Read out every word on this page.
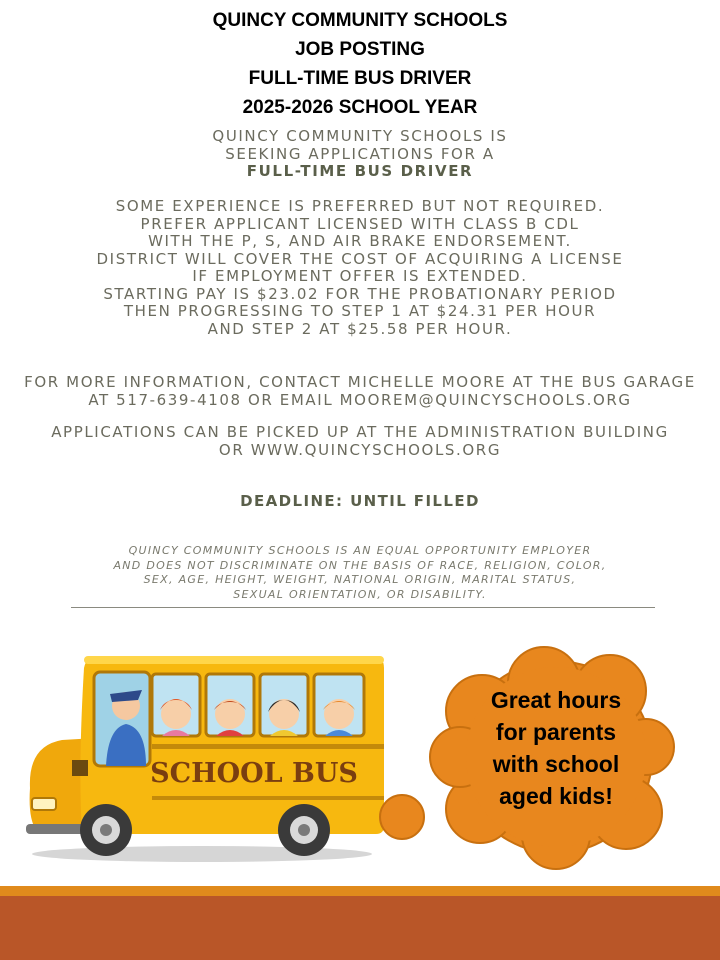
QUINCY COMMUNITY SCHOOLS

JOB POSTING

FULL-TIME BUS DRIVER

2025-2026 SCHOOL YEAR

QUINCY COMMUNITY SCHOOLS IS
SEEKING APPLICATIONS FOR A
FULL-TIME BUS DRIVER
SOME EXPERIENCE IS PREFERRED BUT NOT REQUIRED.
PREFER APPLICANT LICENSED WITH CLASS B CDL
WITH THE P, S, AND AIR BRAKE ENDORSEMENT.
DISTRICT WILL COVER THE COST OF ACQUIRING A LICENSE
IF EMPLOYMENT OFFER IS EXTENDED.
STARTING PAY IS $23.02 FOR THE PROBATIONARY PERIOD
THEN PROGRESSING TO STEP 1 AT $24.31 PER HOUR
AND STEP 2 AT $25.58 PER HOUR.
FOR MORE INFORMATION, CONTACT MICHELLE MOORE AT THE BUS GARAGE
AT 517-639-4108 OR EMAIL MOOREM@QUINCYSCHOOLS.ORG
APPLICATIONS CAN BE PICKED UP AT THE ADMINISTRATION BUILDING
OR WWW.QUINCYSCHOOLS.ORG
DEADLINE: UNTIL FILLED
QUINCY COMMUNITY SCHOOLS IS AN EQUAL OPPORTUNITY EMPLOYER
AND DOES NOT DISCRIMINATE ON THE BASIS OF RACE, RELIGION, COLOR,
SEX, AGE, HEIGHT, WEIGHT, NATIONAL ORIGIN, MARITAL STATUS,
SEXUAL ORIENTATION, OR DISABILITY.
SCHOOL BUS
Great hours
for parents
with school
aged kids!
